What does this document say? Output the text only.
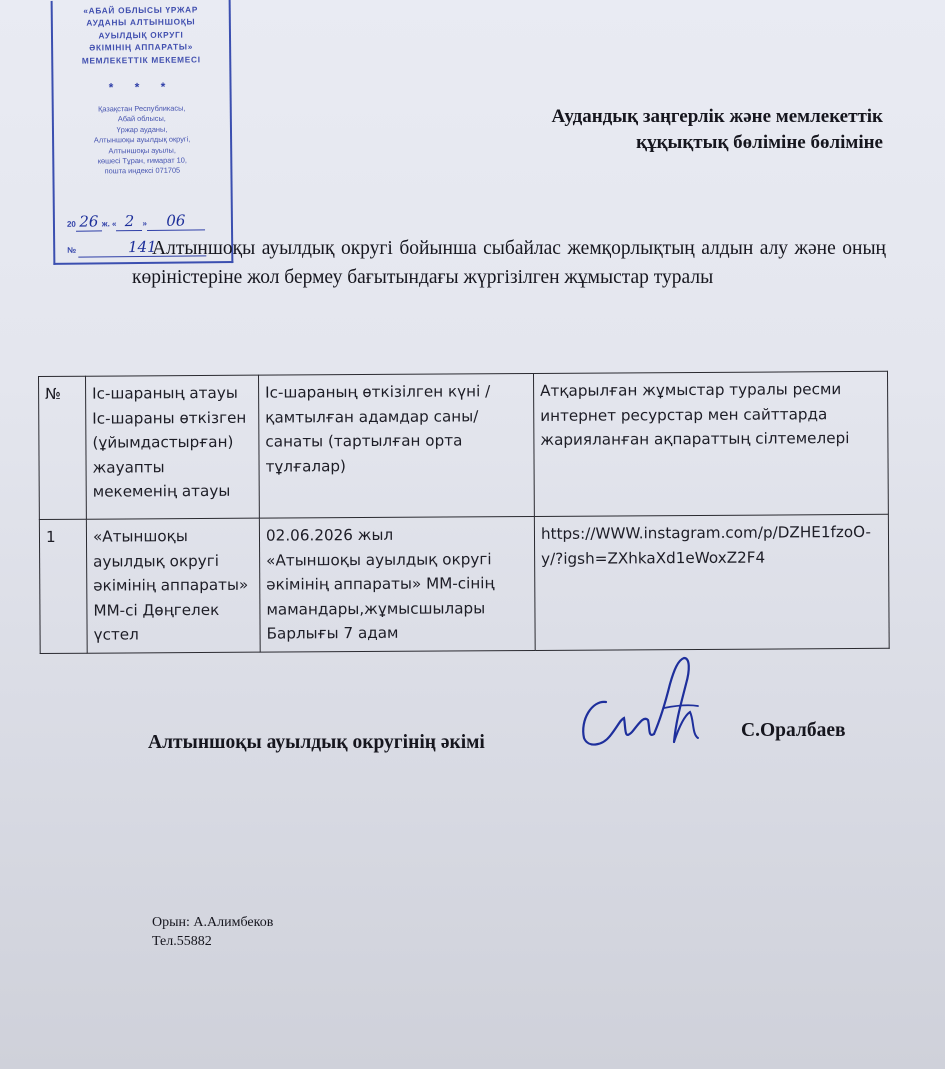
«АБАЙ ОБЛЫСЫ ҮРЖАР
АУДАНЫ АЛТЫНШОҚЫ
АУЫЛДЫҚ ОКРУГІ
ӘКІМІНІҢ АППАРАТЫ»
МЕМЛЕКЕТТІК МЕКЕМЕСІ
* * *
Қазақстан Республикасы,
Абай облысы,
Үржар ауданы,
Алтыншоқы ауылдық округі,
Алтыншоқы ауылы,
көшесі Тұран, ғимарат 10,
пошта индексі 071705
20 26 ж. « 2 » 06
№	141
Аудандық заңгерлік және мемлекеттік
құқықтық бөліміне бөліміне
Алтыншоқы ауылдық округі бойынша сыбайлас жемқорлықтың алдын алу және оның көріністеріне жол бермеу бағытындағы жүргізілген жұмыстар туралы
№	Іс-шараның атауы Іс-шараны өткізген (ұйымдастырған) жауапты мекеменің атауы	Іс-шараның өткізілген күні /қамтылған адамдар саны/ санаты (тартылған орта тұлғалар)	Атқарылған жұмыстар туралы ресми интернет ресурстар мен сайттарда жарияланған ақпараттың сілтемелері
1	«Атыншоқы ауылдық округі әкімінің аппараты» ММ-сі Дөңгелек үстел	02.06.2026 жыл
«Атыншоқы ауылдық округі әкімінің аппараты» ММ-сінің мамандары,жұмысшылары
Барлығы 7 адам	https://WWW.instagram.com/p/DZHE1fzoO-y/?igsh=ZXhkaXd1eWoxZ2F4
Алтыншоқы ауылдық округінің әкімі
С.Оралбаев
Орын: А.Алимбеков
Тел.55882
